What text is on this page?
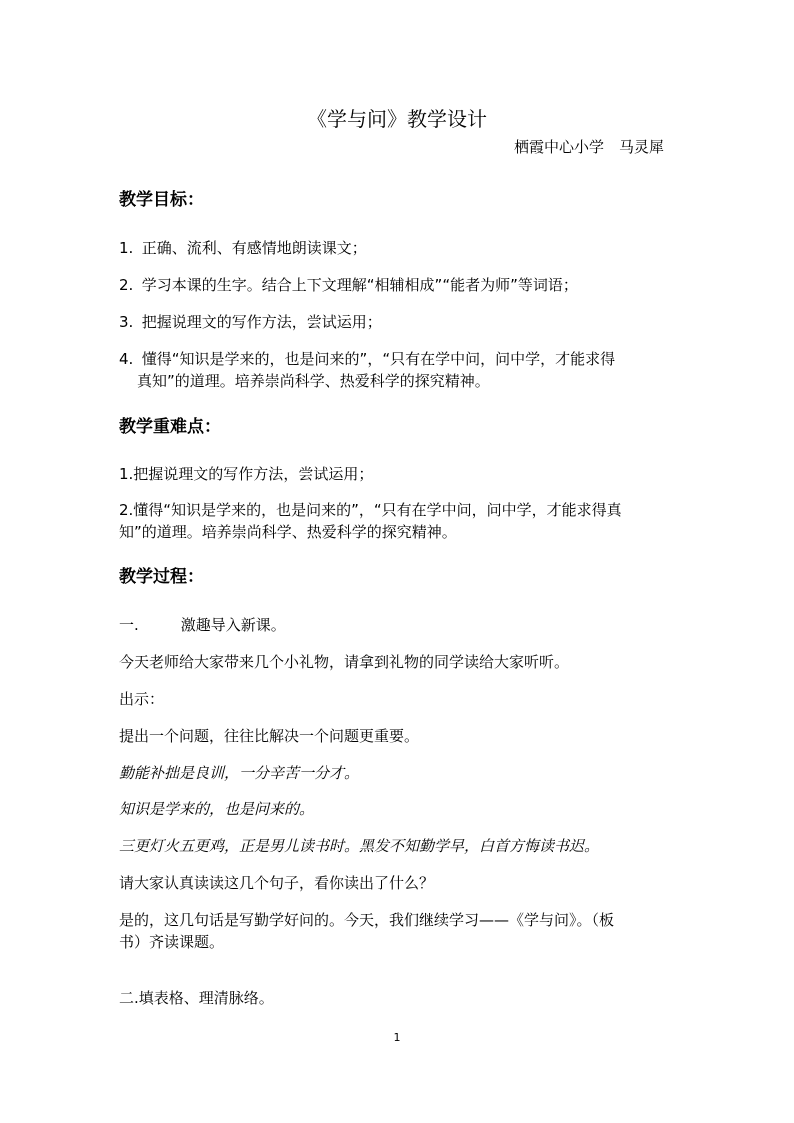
《学与问》教学设计
栖霞中心小学　马灵犀
教学目标：
1. 正确、流利、有感情地朗读课文；
2. 学习本课的生字。结合上下文理解“相辅相成”“能者为师”等词语；
3. 把握说理文的写作方法，尝试运用；
4. 懂得“知识是学来的，也是问来的”，“只有在学中问，问中学，才能求得
真知”的道理。培养崇尚科学、热爱科学的探究精神。
教学重难点：
1.把握说理文的写作方法，尝试运用；
2.懂得“知识是学来的，也是问来的”，“只有在学中问，问中学，才能求得真
知”的道理。培养崇尚科学、热爱科学的探究精神。
教学过程：
一.	激趣导入新课。
今天老师给大家带来几个小礼物，请拿到礼物的同学读给大家听听。
出示：
提出一个问题，往往比解决一个问题更重要。
勤能补拙是良训，一分辛苦一分才。
知识是学来的，也是问来的。
三更灯火五更鸡，正是男儿读书时。黑发不知勤学早，白首方悔读书迟。
请大家认真读读这几个句子，看你读出了什么？
是的，这几句话是写勤学好问的。今天，我们继续学习——《学与问》。（板
书）齐读课题。
二.填表格、理清脉络。
1
